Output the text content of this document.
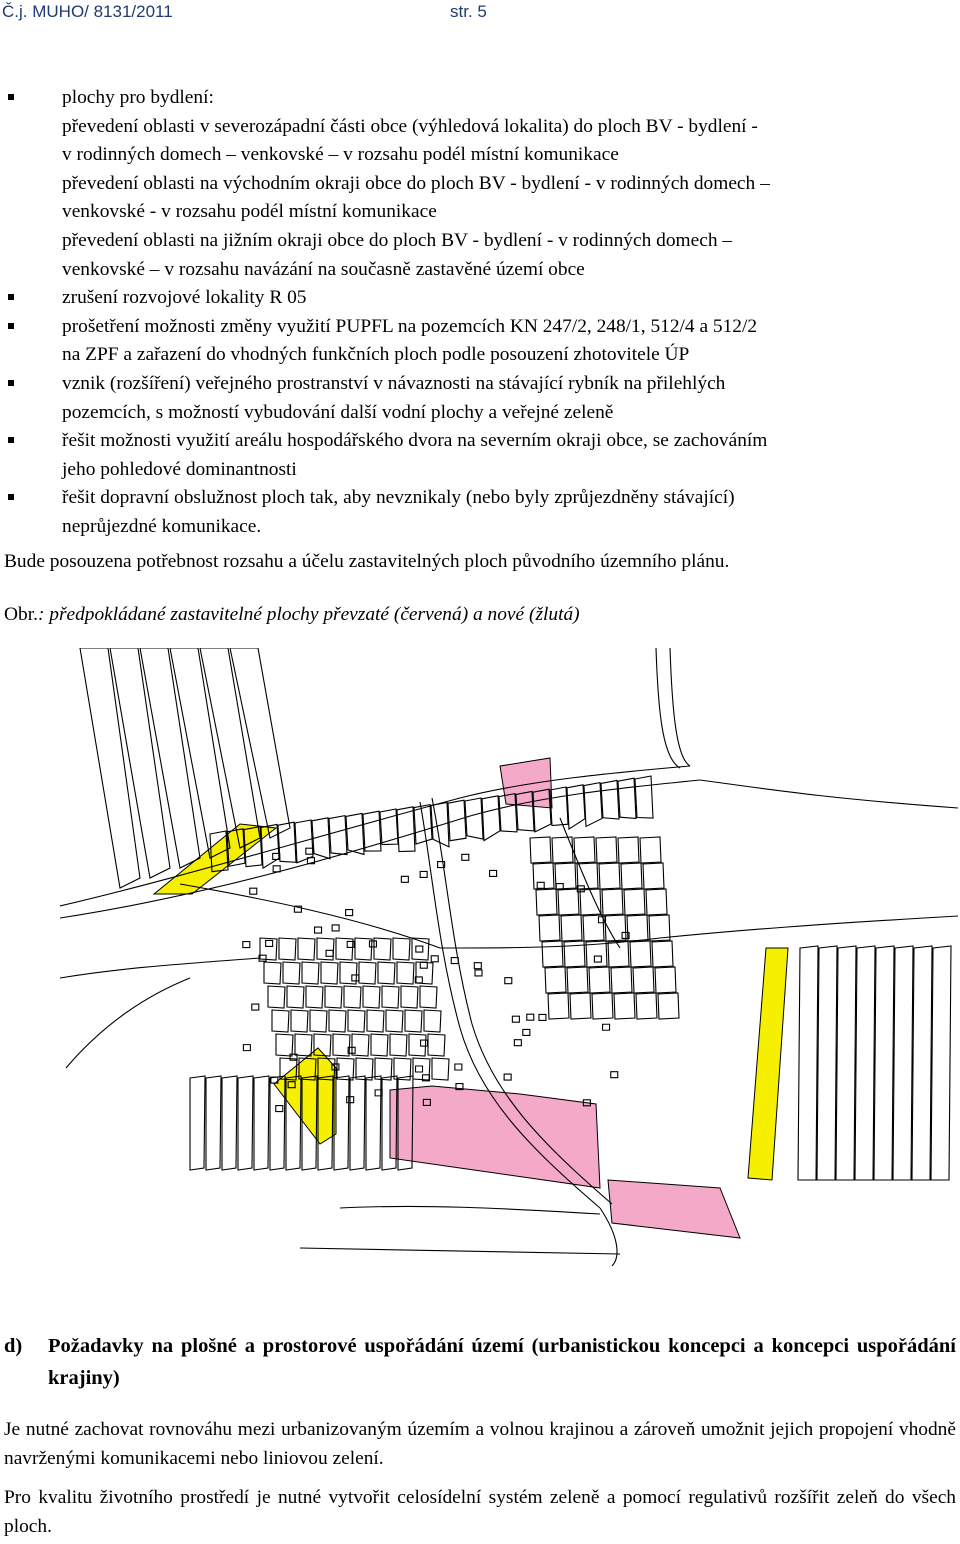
Č.j. MUHO/ 8131/2011	str. 5
plochy pro bydlení:
převedení oblasti v severozápadní části obce (výhledová lokalita) do ploch BV - bydlení -
v rodinných domech – venkovské – v rozsahu podél místní komunikace
převedení oblasti na východním okraji obce do ploch BV - bydlení - v rodinných domech –
venkovské - v rozsahu podél místní komunikace
převedení oblasti na jižním okraji obce do ploch BV - bydlení - v rodinných domech –
venkovské – v rozsahu navázání na současně zastavěné území obce
zrušení rozvojové lokality R 05
prošetření možnosti změny využití PUPFL na pozemcích KN 247/2, 248/1, 512/4 a 512/2
na ZPF a zařazení do vhodných funkčních ploch podle posouzení zhotovitele ÚP
vznik (rozšíření) veřejného prostranství v návaznosti na stávající rybník na přilehlých
pozemcích, s možností vybudování další vodní plochy a veřejné zeleně
řešit možnosti využití areálu hospodářského dvora na severním okraji obce, se zachováním
jeho pohledové dominantnosti
řešit dopravní obslužnost ploch tak, aby nevznikaly (nebo byly zprůjezdněny stávající)
neprůjezdné komunikace.

Bude posouzena potřebnost rozsahu a účelu zastavitelných ploch původního územního plánu.

Obr.: předpokládané zastavitelné plochy převzaté (červená) a nové (žlutá)
d)	Požadavky na plošné a prostorové uspořádání území (urbanistickou koncepci a koncepci uspořádání krajiny)

Je nutné zachovat rovnováhu mezi urbanizovaným územím a volnou krajinou a zároveň umožnit jejich propojení vhodně navrženými komunikacemi nebo liniovou zelení.

Pro kvalitu životního prostředí je nutné vytvořit celosídelní systém zeleně a pomocí regulativů rozšířit zeleň do všech ploch.
